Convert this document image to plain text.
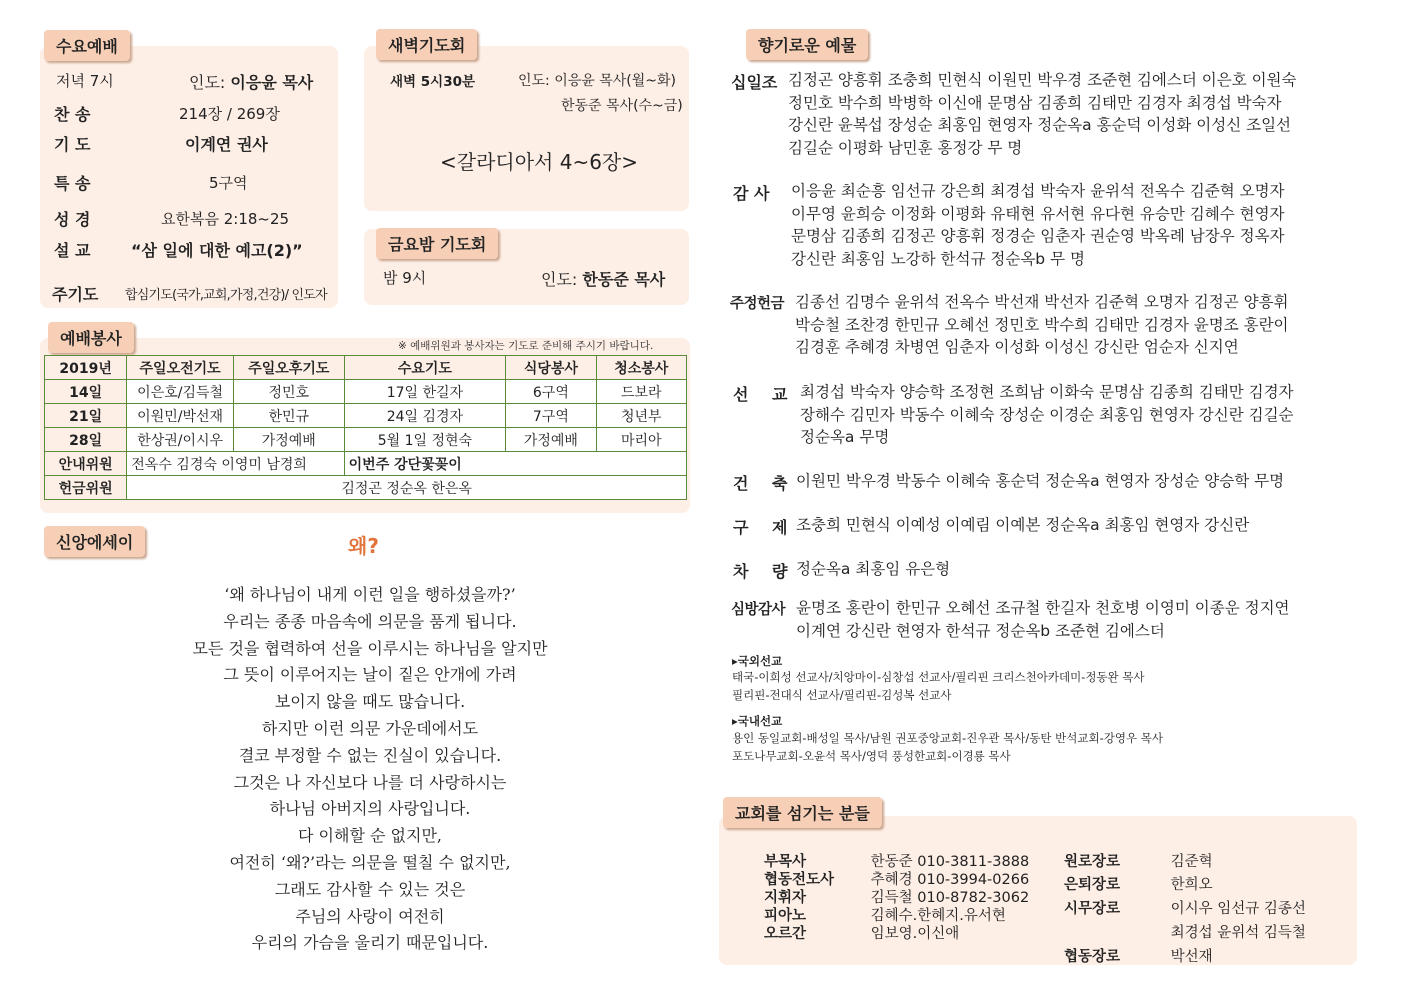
수요예배
저녁 7시	인도: 이응윤 목사
찬 송	214장 / 269장
기 도	이계연 권사
특 송	5구역
성 경	요한복음 2:18~25
설 교	“삼 일에 대한 예고(2)”
주기도 합심기도(국가,교회,가정,건강)/ 인도자
새벽기도회
새벽 5시30분	인도: 이응윤 목사(월~화)
한동준 목사(수~금)
<갈라디아서 4~6장>
금요밤 기도회
밤 9시	인도: 한동준 목사
예배봉사	※ 예배위원과 봉사자는 기도로 준비해 주시기 바랍니다.
2019년	주일오전기도	주일오후기도	수요기도	식당봉사	청소봉사
14일	이은호/김득철	정민호	17일 한길자	6구역	드보라
21일	이원민/박선재	한민규	24일 김경자	7구역	청년부
28일	한상권/이시우	가정예배	5월 1일 정현숙	가정예배	마리아
안내위원	전옥수 김경숙 이영미 남경희		이번주 강단꽃꽂이		
헌금위원	김정곤 정순옥 한은옥				
신앙에세이	왜?
‘왜 하나님이 내게 이런 일을 행하셨을까?’
우리는 종종 마음속에 의문을 품게 됩니다.
모든 것을 협력하여 선을 이루시는 하나님을 알지만
그 뜻이 이루어지는 날이 짙은 안개에 가려
보이지 않을 때도 많습니다.
하지만 이런 의문 가운데에서도
결코 부정할 수 없는 진실이 있습니다.
그것은 나 자신보다 나를 더 사랑하시는
하나님 아버지의 사랑입니다.
다 이해할 순 없지만,
여전히 ‘왜?’라는 의문을 떨칠 수 없지만,
그래도 감사할 수 있는 것은
주님의 사랑이 여전히
우리의 가슴을 울리기 때문입니다.
향기로운 예물
십일조 김정곤 양흥휘 조충희 민현식 이원민 박우경 조준현 김에스더 이은호 이원숙
정민호 박수희 박병학 이신애 문명삼 김종희 김태만 김경자 최경섭 박숙자
강신란 윤복섭 장성순 최홍임 현영자 정순옥a 홍순덕 이성화 이성신 조일선
김길순 이평화 남민훈 홍정강 무 명
감 사 이응윤 최순흥 임선규 강은희 최경섭 박숙자 윤위석 전옥수 김준혁 오명자
이무영 윤희승 이정화 이평화 유태현 유서현 유다현 유승만 김혜수 현영자
문명삼 김종희 김정곤 양흥휘 정경순 임춘자 권순영 박옥례 남장우 정옥자
강신란 최홍임 노강하 한석규 정순옥b 무 명
주정헌금 김종선 김명수 윤위석 전옥수 박선재 박선자 김준혁 오명자 김정곤 양흥휘
박승철 조찬경 한민규 오혜선 정민호 박수희 김태만 김경자 윤명조 홍란이
김경훈 추혜경 차병연 임춘자 이성화 이성신 강신란 엄순자 신지연
선 교 최경섭 박숙자 양승학 조정현 조희남 이화숙 문명삼 김종희 김태만 김경자
장해수 김민자 박동수 이혜숙 장성순 이경순 최홍임 현영자 강신란 김길순
정순옥a 무명
건 축 이원민 박우경 박동수 이혜숙 홍순덕 정순옥a 현영자 장성순 양승학 무명
구 제 조충희 민현식 이예성 이예림 이예본 정순옥a 최홍임 현영자 강신란
차 량 정순옥a 최홍임 유은형
심방감사 윤명조 홍란이 한민규 오혜선 조규철 한길자 천호병 이영미 이종운 정지연
이계연 강신란 현영자 한석규 정순옥b 조준현 김에스더
▸국외선교
태국-이희성 선교사/치앙마이-심창섭 선교사/필리핀 크리스천아카데미-정동완 목사
필리핀-전대식 선교사/필리핀-김성복 선교사
▸국내선교
용인 동일교회-배성일 목사/남원 권포중앙교회-진우관 목사/동탄 반석교회-강영우 목사
포도나무교회-오윤석 목사/영덕 풍성한교회-이경룡 목사
교회를 섬기는 분들
부목사	한동준 010-3811-3888
협동전도사	추혜경 010-3994-0266
지휘자	김득철 010-8782-3062
피아노	김혜수.한혜지.유서현
오르간	임보영.이신애
원로장로	김준혁
은퇴장로	한희오
시무장로	이시우 임선규 김종선
최경섭 윤위석 김득철
협동장로	박선재
